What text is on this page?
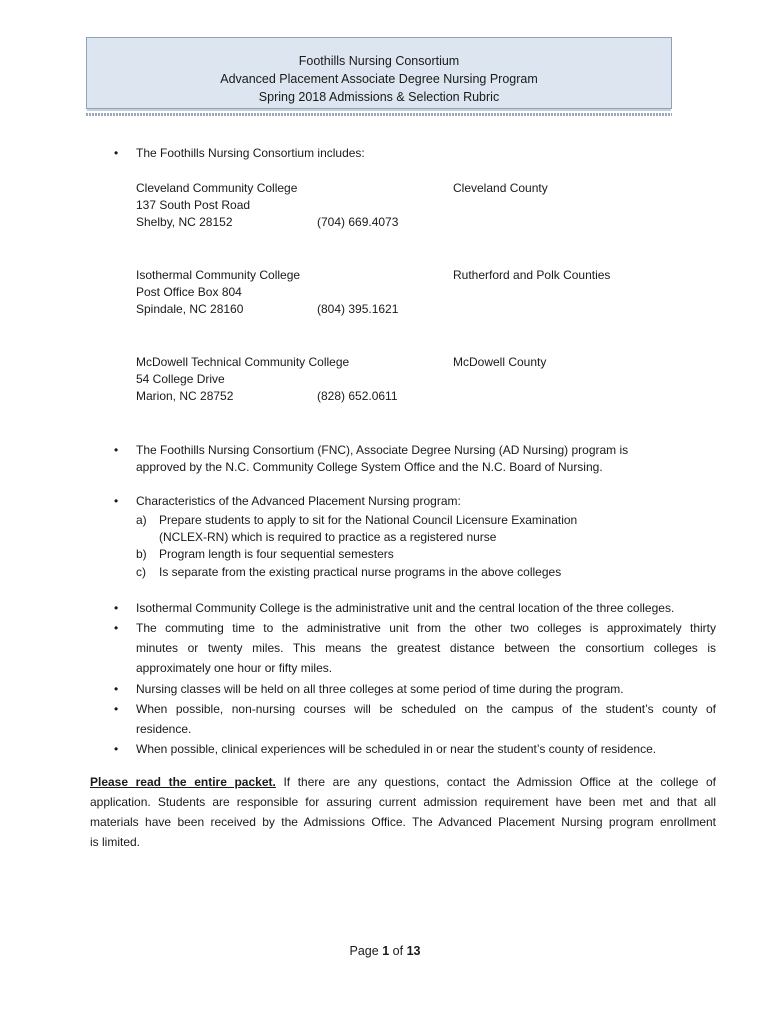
Foothills Nursing Consortium
Advanced Placement Associate Degree Nursing Program
Spring 2018 Admissions & Selection Rubric
The Foothills Nursing Consortium includes:
Cleveland Community College	Cleveland County
137 South Post Road
Shelby, NC 28152	(704) 669.4073
Isothermal Community College	Rutherford and Polk Counties
Post Office Box 804
Spindale, NC 28160	(804) 395.1621
McDowell Technical Community College	McDowell County
54 College Drive
Marion, NC 28752	(828) 652.0611
The Foothills Nursing Consortium (FNC), Associate Degree Nursing (AD Nursing) program is
approved by the N.C. Community College System Office and the N.C. Board of Nursing.
Characteristics of the Advanced Placement Nursing program:
a) Prepare students to apply to sit for the National Council Licensure Examination
(NCLEX-RN) which is required to practice as a registered nurse
b) Program length is four sequential semesters
c) Is separate from the existing practical nurse programs in the above colleges
Isothermal Community College is the administrative unit and the central location of the three colleges.
The commuting time to the administrative unit from the other two colleges is approximately thirty
minutes or twenty miles. This means the greatest distance between the consortium colleges is
approximately one hour or fifty miles.
Nursing classes will be held on all three colleges at some period of time during the program.
When possible, non-nursing courses will be scheduled on the campus of the student’s county of
residence.
When possible, clinical experiences will be scheduled in or near the student’s county of residence.
Please read the entire packet. If there are any questions, contact the Admission Office at the college of
application. Students are responsible for assuring current admission requirement have been met and that all
materials have been received by the Admissions Office. The Advanced Placement Nursing program enrollment
is limited.
Page 1 of 13
